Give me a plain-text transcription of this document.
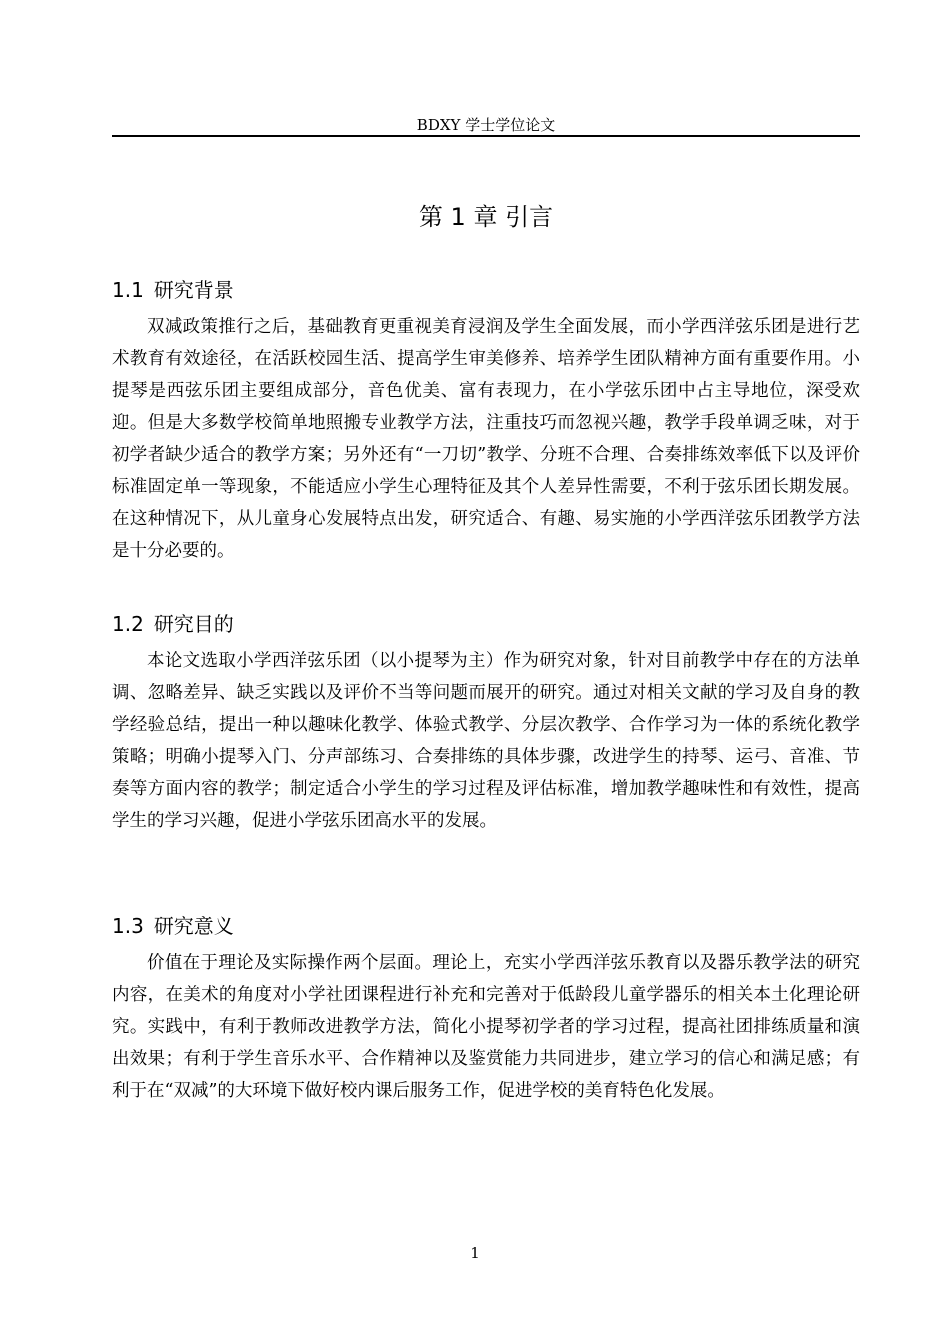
BDXY 学士学位论文
第 1 章 引言
1.1 研究背景

双减政策推行之后，基础教育更重视美育浸润及学生全面发展，而小学西洋弦乐团是进行艺术教育有效途径，在活跃校园生活、提高学生审美修养、培养学生团队精神方面有重要作用。小提琴是西弦乐团主要组成部分，音色优美、富有表现力，在小学弦乐团中占主导地位，深受欢迎。但是大多数学校简单地照搬专业教学方法，注重技巧而忽视兴趣，教学手段单调乏味，对于初学者缺少适合的教学方案；另外还有“一刀切”教学、分班不合理、合奏排练效率低下以及评价标准固定单一等现象，不能适应小学生心理特征及其个人差异性需要，不利于弦乐团长期发展。在这种情况下，从儿童身心发展特点出发，研究适合、有趣、易实施的小学西洋弦乐团教学方法是十分必要的。

1.2 研究目的

本论文选取小学西洋弦乐团（以小提琴为主）作为研究对象，针对目前教学中存在的方法单调、忽略差异、缺乏实践以及评价不当等问题而展开的研究。通过对相关文献的学习及自身的教学经验总结，提出一种以趣味化教学、体验式教学、分层次教学、合作学习为一体的系统化教学策略；明确小提琴入门、分声部练习、合奏排练的具体步骤，改进学生的持琴、运弓、音准、节奏等方面内容的教学；制定适合小学生的学习过程及评估标准，增加教学趣味性和有效性，提高学生的学习兴趣，促进小学弦乐团高水平的发展。

1.3 研究意义

价值在于理论及实际操作两个层面。理论上，充实小学西洋弦乐教育以及器乐教学法的研究内容，在美术的角度对小学社团课程进行补充和完善对于低龄段儿童学器乐的相关本土化理论研究。实践中，有利于教师改进教学方法，简化小提琴初学者的学习过程，提高社团排练质量和演出效果；有利于学生音乐水平、合作精神以及鉴赏能力共同进步，建立学习的信心和满足感；有利于在“双减”的大环境下做好校内课后服务工作，促进学校的美育特色化发展。

1
